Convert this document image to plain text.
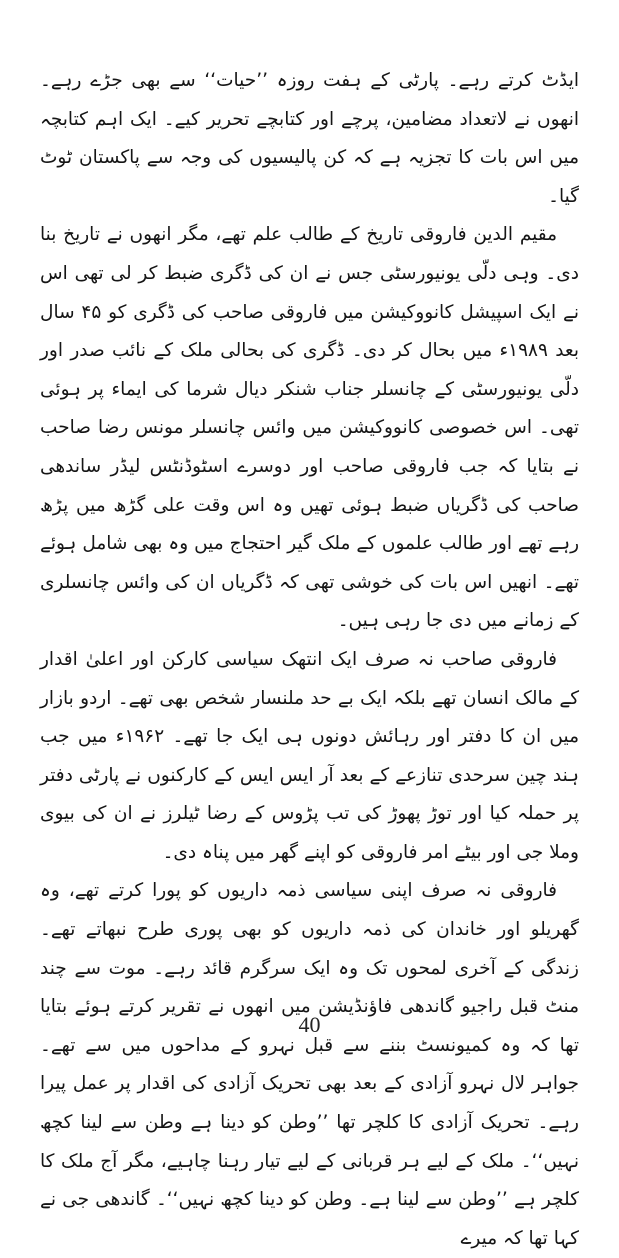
ایڈٹ کرتے رہے۔ پارٹی کے ہفت روزہ ’’حیات‘‘ سے بھی جڑے رہے۔ انھوں نے لاتعداد مضامین، پرچے اور کتابچے تحریر کیے۔ ایک اہم کتابچہ میں اس بات کا تجزیہ ہے کہ کن پالیسیوں کی وجہ سے پاکستان ٹوٹ گیا۔

مقیم الدین فاروقی تاریخ کے طالب علم تھے، مگر انھوں نے تاریخ بنا دی۔ وہی دلّی یونیورسٹی جس نے ان کی ڈگری ضبط کر لی تھی اس نے ایک اسپیشل کانووکیشن میں فاروقی صاحب کی ڈگری کو ۴۵ سال بعد ۱۹۸۹ء میں بحال کر دی۔ ڈگری کی بحالی ملک کے نائب صدر اور دلّی یونیورسٹی کے چانسلر جناب شنکر دیال شرما کی ایماء پر ہوئی تھی۔ اس خصوصی کانووکیشن میں وائس چانسلر مونس رضا صاحب نے بتایا کہ جب فاروقی صاحب اور دوسرے اسٹوڈنٹس لیڈر ساندھی صاحب کی ڈگریاں ضبط ہوئی تھیں وہ اس وقت علی گڑھ میں پڑھ رہے تھے اور طالب علموں کے ملک گیر احتجاج میں وہ بھی شامل ہوئے تھے۔ انھیں اس بات کی خوشی تھی کہ ڈگریاں ان کی وائس چانسلری کے زمانے میں دی جا رہی ہیں۔

فاروقی صاحب نہ صرف ایک انتھک سیاسی کارکن اور اعلیٰ اقدار کے مالک انسان تھے بلکہ ایک بے حد ملنسار شخص بھی تھے۔ اردو بازار میں ان کا دفتر اور رہائش دونوں ہی ایک جا تھے۔ ۱۹۶۲ء میں جب ہند چین سرحدی تنازعے کے بعد آر ایس ایس کے کارکنوں نے پارٹی دفتر پر حملہ کیا اور توڑ پھوڑ کی تب پڑوس کے رضا ٹیلرز نے ان کی بیوی وملا جی اور بیٹے امر فاروقی کو اپنے گھر میں پناہ دی۔

فاروقی نہ صرف اپنی سیاسی ذمہ داریوں کو پورا کرتے تھے، وہ گھریلو اور خاندان کی ذمہ داریوں کو بھی پوری طرح نبھاتے تھے۔ زندگی کے آخری لمحوں تک وہ ایک سرگرم قائد رہے۔ موت سے چند منٹ قبل راجیو گاندھی فاؤنڈیشن میں انھوں نے تقریر کرتے ہوئے بتایا تھا کہ وہ کمیونسٹ بننے سے قبل نہرو کے مداحوں میں سے تھے۔ جواہر لال نہرو آزادی کے بعد بھی تحریک آزادی کی اقدار پر عمل پیرا رہے۔ تحریک آزادی کا کلچر تھا ’’وطن کو دینا ہے وطن سے لینا کچھ نہیں‘‘۔ ملک کے لیے ہر قربانی کے لیے تیار رہنا چاہیے، مگر آج ملک کا کلچر ہے ’’وطن سے لینا ہے۔ وطن کو دینا کچھ نہیں‘‘۔ گاندھی جی نے کہا تھا کہ میرے

40
